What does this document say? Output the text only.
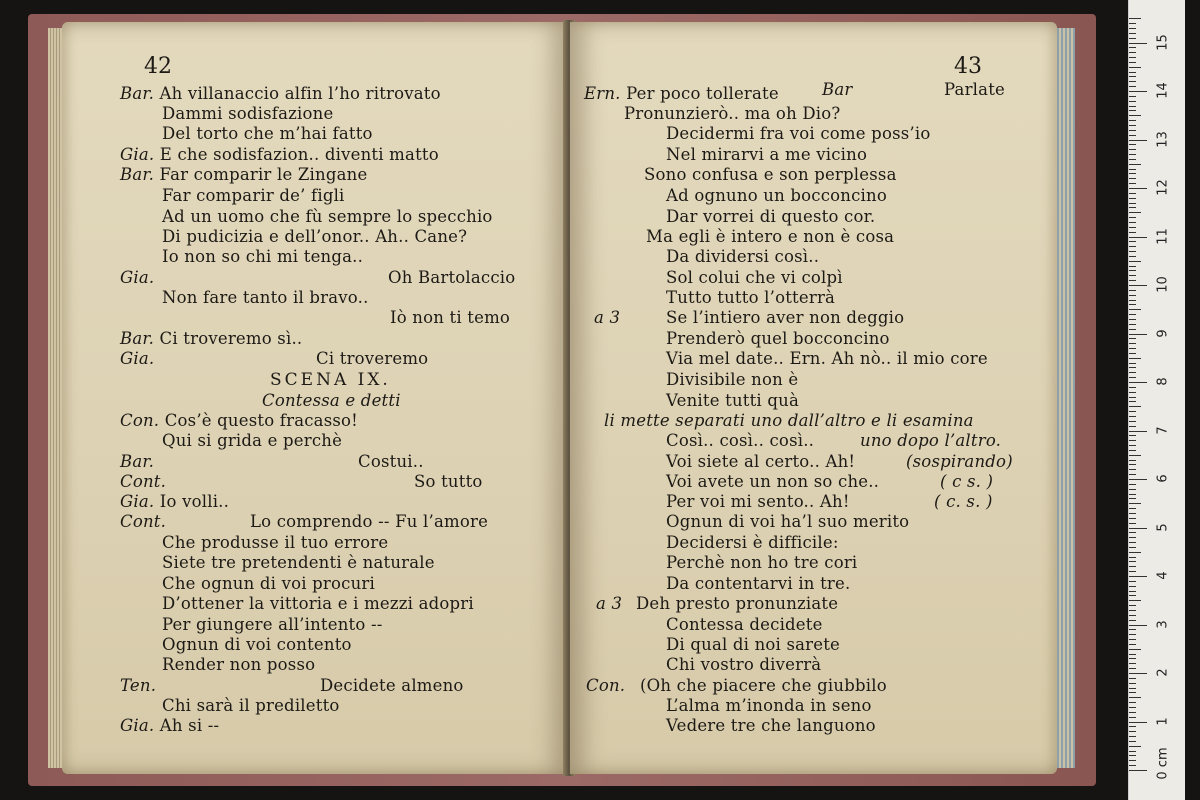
42
Bar. Ah villanaccio alfin l’ho ritrovato
Dammi sodisfazione
Del torto che m’hai fatto
Gia. E che sodisfazion.. diventi matto
Bar. Far comparir le Zingane
Far comparir de’ figli
Ad un uomo che fù sempre lo specchio
Di pudicizia e dell’onor.. Ah.. Cane?
Io non so chi mi tenga..
Gia.	Oh Bartolaccio
Non fare tanto il bravo..
Iò non ti temo
Bar. Ci troveremo sì..
Gia.	Ci troveremo
SCENA IX.
Contessa e detti
Con. Cos’è questo fracasso!
Qui si grida e perchè
Bar.	Costui..
Cont.	So tutto
Gia. Io volli..
Cont.	Lo comprendo -- Fu l’amore
Che produsse il tuo errore
Siete tre pretendenti è naturale
Che ognun di voi procuri
D’ottener la vittoria e i mezzi adopri
Per giungere all’intento --
Ognun di voi contento
Render non posso
Ten.	Decidete almeno
Chi sarà il prediletto
Gia. Ah si --
43
Ern. Per poco tollerate	Bar	Parlate
Pronunzierò.. ma oh Dio?
Decidermi fra voi come poss’io
Nel mirarvi a me vicino
Sono confusa e son perplessa
Ad ognuno un bocconcino
Dar vorrei di questo cor.
Ma egli è intero e non è cosa
Da dividersi così..
Sol colui che vi colpì
Tutto tutto l’otterrà
a 3	Se l’intiero aver non deggio
Prenderò quel bocconcino
Via mel date.. Ern. Ah nò.. il mio core
Divisibile non è
Venite tutti quà
li mette separati uno dall’altro e li esamina
Così.. così.. così..	uno dopo l’altro.
Voi siete al certo.. Ah!	(sospirando)
Voi avete un non so che..	( c s. )
Per voi mi sento.. Ah!	( c. s. )
Ognun di voi ha’l suo merito
Decidersi è difficile:
Perchè non ho tre cori
Da contentarvi in tre.
a 3 Deh presto pronunziate
Contessa decidete
Di qual di noi sarete
Chi vostro diverrà
Con. (Oh che piacere che giubbilo
L’alma m’inonda in seno
Vedere tre che languono
0 cm
1
2
3
4
5
6
7
8
9
10
11
12
13
14
15
